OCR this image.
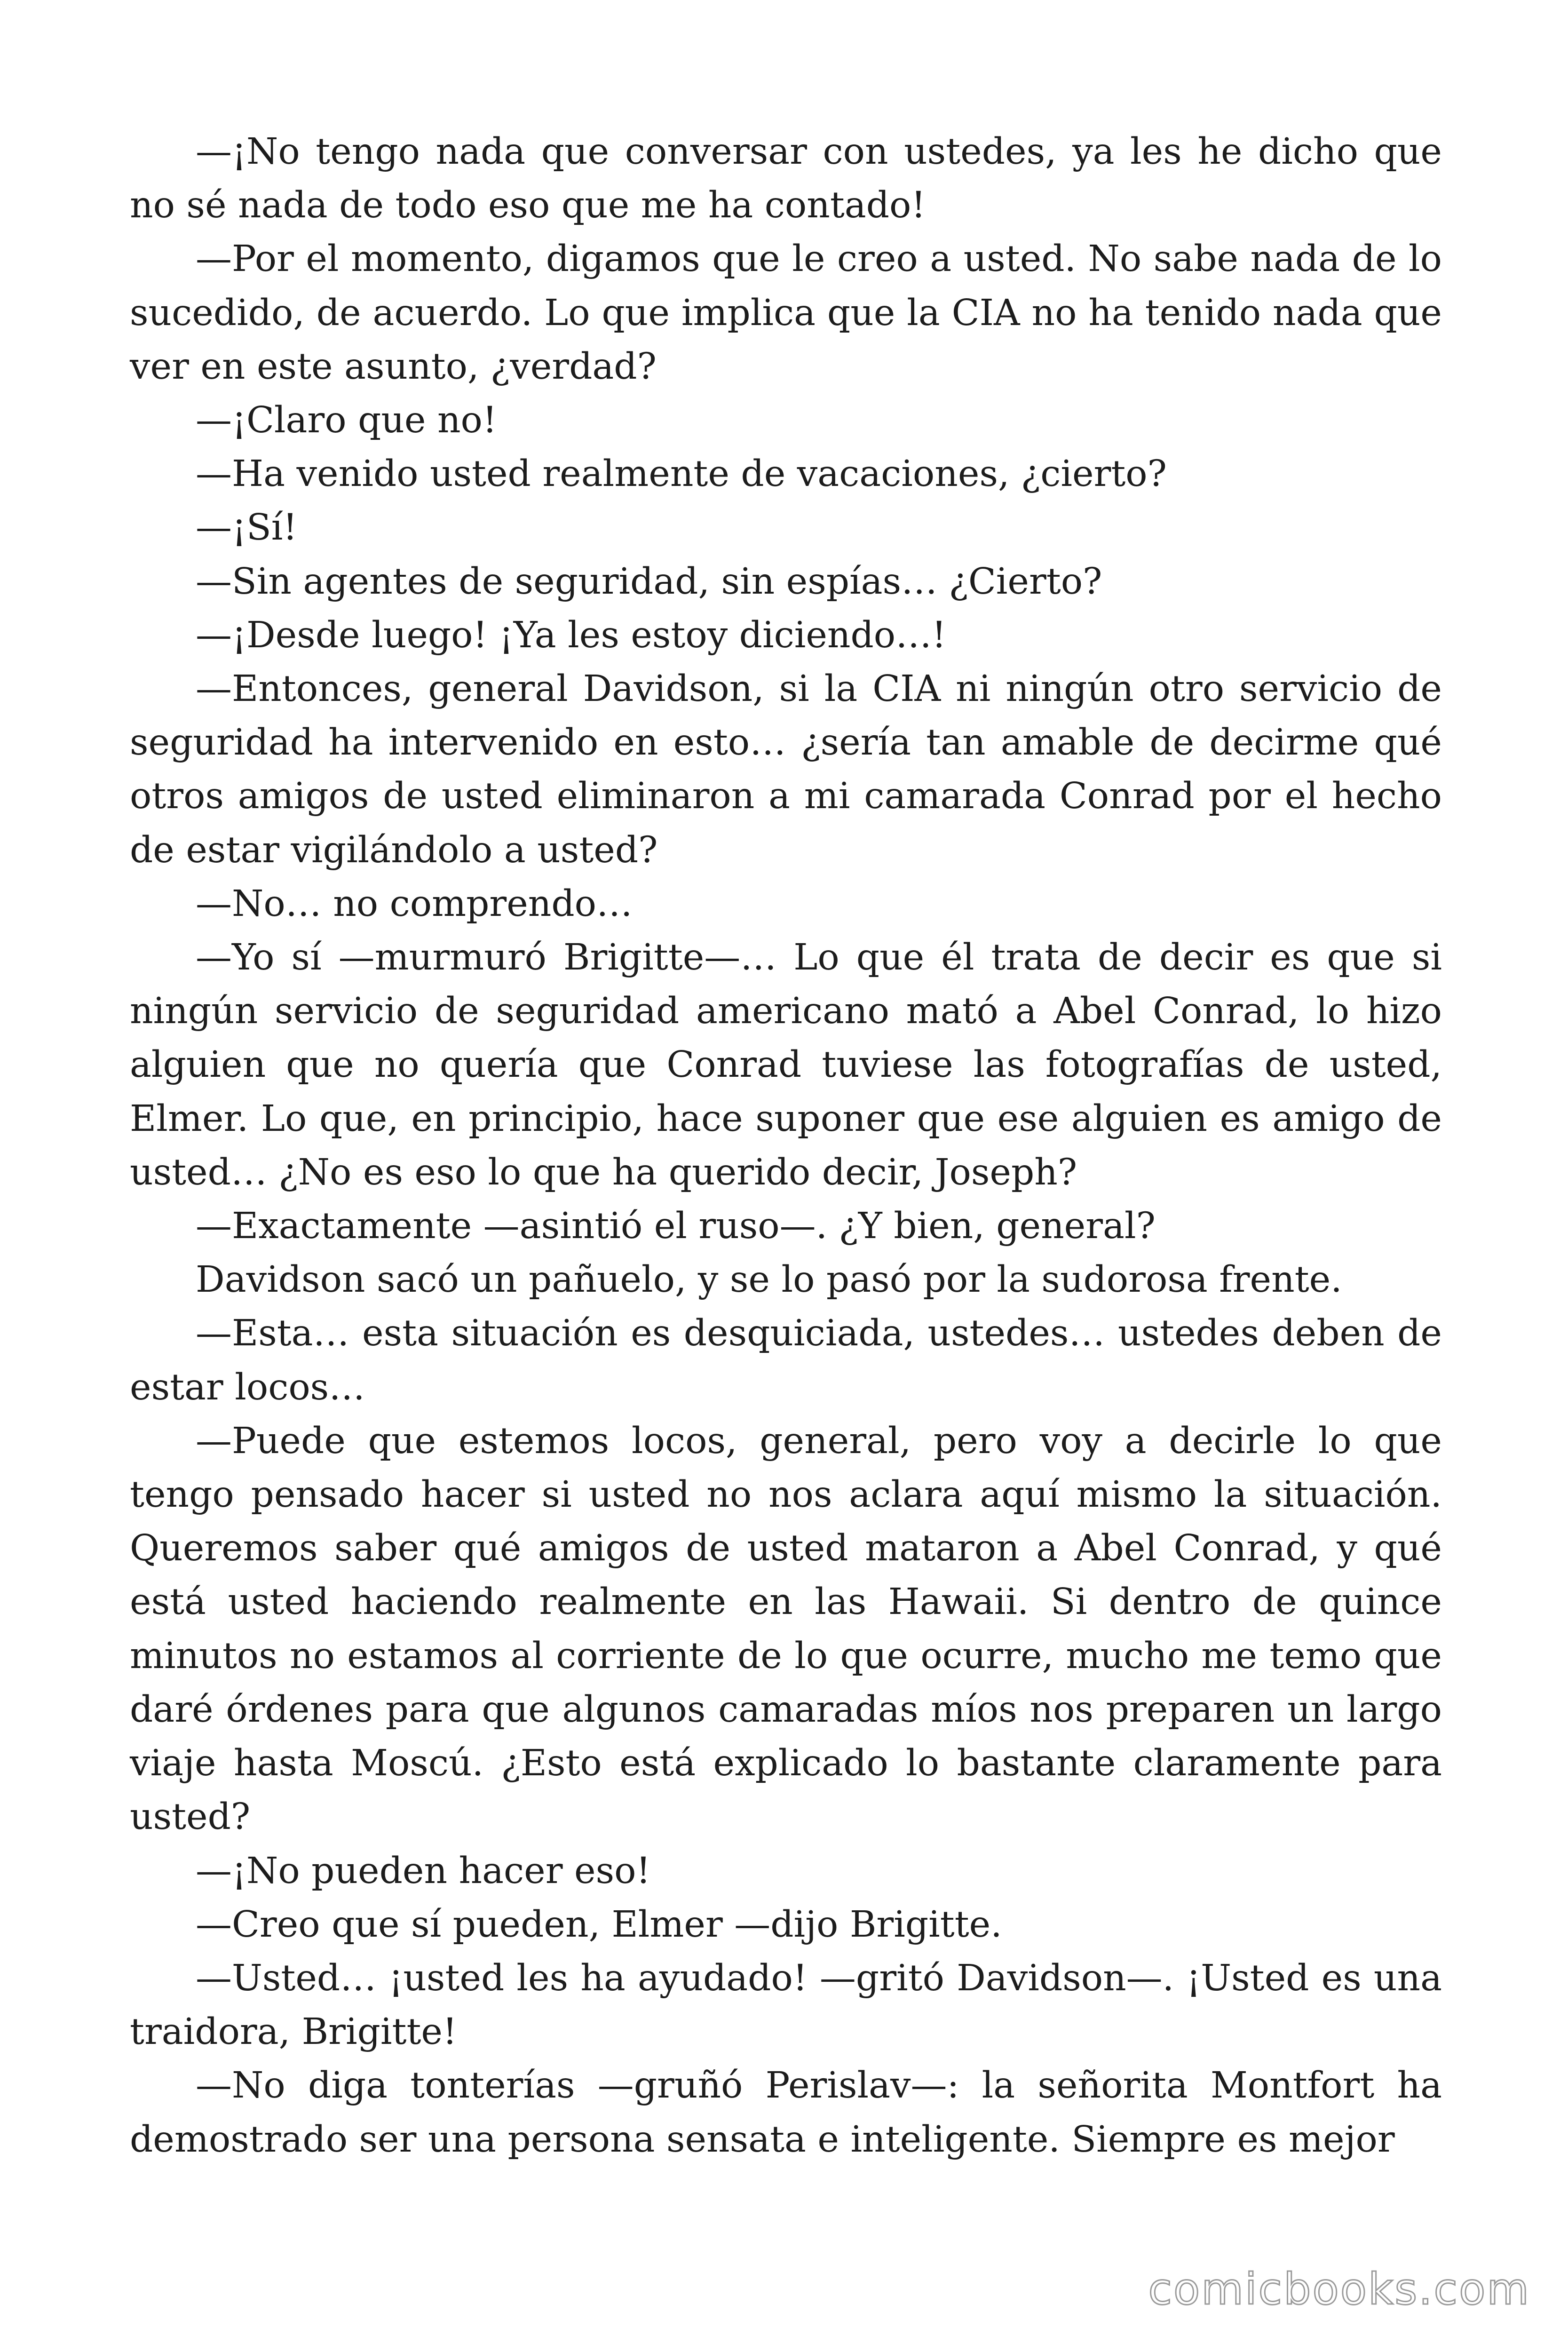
—¡No tengo nada que conversar con ustedes, ya les he dicho que no sé nada de todo eso que me ha contado!

—Por el momento, digamos que le creo a usted. No sabe nada de lo sucedido, de acuerdo. Lo que implica que la CIA no ha tenido nada que ver en este asunto, ¿verdad?

—¡Claro que no!

—Ha venido usted realmente de vacaciones, ¿cierto?

—¡Sí!

—Sin agentes de seguridad, sin espías… ¿Cierto?

—¡Desde luego! ¡Ya les estoy diciendo…!

—Entonces, general Davidson, si la CIA ni ningún otro servicio de seguridad ha intervenido en esto… ¿sería tan amable de decirme qué otros amigos de usted eliminaron a mi camarada Conrad por el hecho de estar vigilándolo a usted?

—No… no comprendo…

—Yo sí —murmuró Brigitte—… Lo que él trata de decir es que si ningún servicio de seguridad americano mató a Abel Conrad, lo hizo alguien que no quería que Conrad tuviese las fotografías de usted, Elmer. Lo que, en principio, hace suponer que ese alguien es amigo de usted… ¿No es eso lo que ha querido decir, Joseph?

—Exactamente —asintió el ruso—. ¿Y bien, general?

Davidson sacó un pañuelo, y se lo pasó por la sudorosa frente.

—Esta… esta situación es desquiciada, ustedes… ustedes deben de estar locos…

—Puede que estemos locos, general, pero voy a decirle lo que tengo pensado hacer si usted no nos aclara aquí mismo la situación. Queremos saber qué amigos de usted mataron a Abel Conrad, y qué está usted haciendo realmente en las Hawaii. Si dentro de quince minutos no estamos al corriente de lo que ocurre, mucho me temo que daré órdenes para que algunos camaradas míos nos preparen un largo viaje hasta Moscú. ¿Esto está explicado lo bastante claramente para usted?

—¡No pueden hacer eso!

—Creo que sí pueden, Elmer —dijo Brigitte.

—Usted… ¡usted les ha ayudado! —gritó Davidson—. ¡Usted es una traidora, Brigitte!

—No diga tonterías —gruñó Perislav—: la señorita Montfort ha demostrado ser una persona sensata e inteligente. Siempre es mejor

comicbooks.com
